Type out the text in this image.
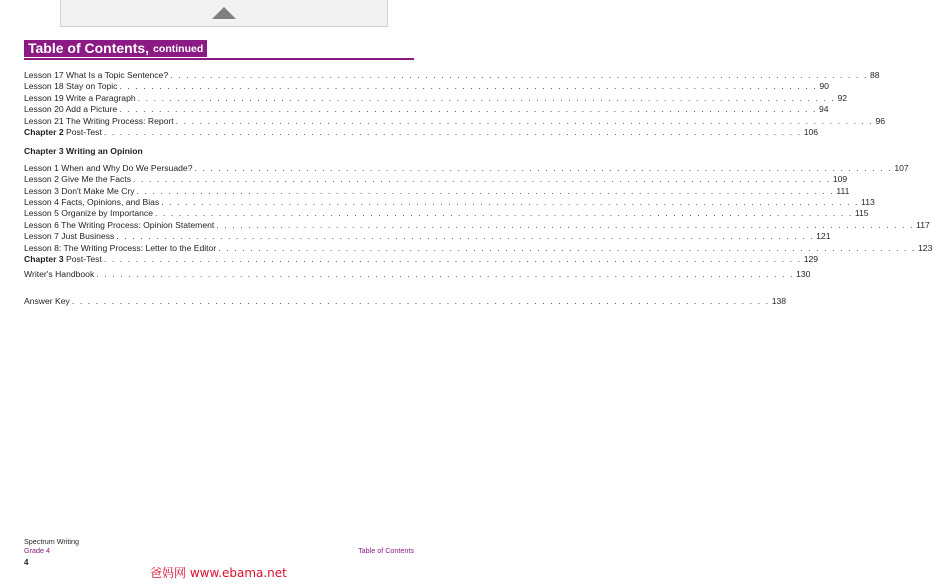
Table of Contents, continued
Lesson 17 What Is a Topic Sentence? . . . . . . . . . . . . . . . . . . . . . . . . . . . . . . . . . . . . . . . . . . . . . . . . . . . . . . . . . . . . . . . . . . . . . . . . . . . . . . . . . . . . . . . . 88
Lesson 18 Stay on Topic . . . . . . . . . . . . . . . . . . . . . . . . . . . . . . . . . . . . . . . . . . . . . . . . . . . . . . . . . . . . . . . . . . . . . . . . . . . . . . . . . . . . . . . . 90
Lesson 19 Write a Paragraph . . . . . . . . . . . . . . . . . . . . . . . . . . . . . . . . . . . . . . . . . . . . . . . . . . . . . . . . . . . . . . . . . . . . . . . . . . . . . . . . . . . . . . . . 92
Lesson 20 Add a Picture . . . . . . . . . . . . . . . . . . . . . . . . . . . . . . . . . . . . . . . . . . . . . . . . . . . . . . . . . . . . . . . . . . . . . . . . . . . . . . . . . . . . . . . . 94
Lesson 21 The Writing Process: Report . . . . . . . . . . . . . . . . . . . . . . . . . . . . . . . . . . . . . . . . . . . . . . . . . . . . . . . . . . . . . . . . . . . . . . . . . . . . . . . . . . . . . . . . 96
Chapter 2 Post-Test . . . . . . . . . . . . . . . . . . . . . . . . . . . . . . . . . . . . . . . . . . . . . . . . . . . . . . . . . . . . . . . . . . . . . . . . . . . . . . . . . . . . . . . . 106
Chapter 3 Writing an Opinion
Lesson 1 When and Why Do We Persuade? . . . . . . . . . . . . . . . . . . . . . . . . . . . . . . . . . . . . . . . . . . . . . . . . . . . . . . . . . . . . . . . . . . . . . . . . . . . . . . . . . . . . . . . . 107
Lesson 2 Give Me the Facts . . . . . . . . . . . . . . . . . . . . . . . . . . . . . . . . . . . . . . . . . . . . . . . . . . . . . . . . . . . . . . . . . . . . . . . . . . . . . . . . . . . . . . . . 109
Lesson 3 Don't Make Me Cry . . . . . . . . . . . . . . . . . . . . . . . . . . . . . . . . . . . . . . . . . . . . . . . . . . . . . . . . . . . . . . . . . . . . . . . . . . . . . . . . . . . . . . . . 111
Lesson 4 Facts, Opinions, and Bias . . . . . . . . . . . . . . . . . . . . . . . . . . . . . . . . . . . . . . . . . . . . . . . . . . . . . . . . . . . . . . . . . . . . . . . . . . . . . . . . . . . . . . . . 113
Lesson 5 Organize by Importance . . . . . . . . . . . . . . . . . . . . . . . . . . . . . . . . . . . . . . . . . . . . . . . . . . . . . . . . . . . . . . . . . . . . . . . . . . . . . . . . . . . . . . . . 115
Lesson 6 The Writing Process: Opinion Statement . . . . . . . . . . . . . . . . . . . . . . . . . . . . . . . . . . . . . . . . . . . . . . . . . . . . . . . . . . . . . . . . . . . . . . . . . . . . . . . . . . . . . . . . 117
Lesson 7 Just Business . . . . . . . . . . . . . . . . . . . . . . . . . . . . . . . . . . . . . . . . . . . . . . . . . . . . . . . . . . . . . . . . . . . . . . . . . . . . . . . . . . . . . . . . 121
Lesson 8: The Writing Process: Letter to the Editor . . . . . . . . . . . . . . . . . . . . . . . . . . . . . . . . . . . . . . . . . . . . . . . . . . . . . . . . . . . . . . . . . . . . . . . . . . . . . . . . . . . . . . . . 123
Chapter 3 Post-Test . . . . . . . . . . . . . . . . . . . . . . . . . . . . . . . . . . . . . . . . . . . . . . . . . . . . . . . . . . . . . . . . . . . . . . . . . . . . . . . . . . . . . . . . 129
Writer's Handbook . . . . . . . . . . . . . . . . . . . . . . . . . . . . . . . . . . . . . . . . . . . . . . . . . . . . . . . . . . . . . . . . . . . . . . . . . . . . . . . . . . . . . . . . 130
Answer Key . . . . . . . . . . . . . . . . . . . . . . . . . . . . . . . . . . . . . . . . . . . . . . . . . . . . . . . . . . . . . . . . . . . . . . . . . . . . . . . . . . . . . . . . 138
Spectrum Writing
Grade 4	Table of Contents
4
爸妈网 www.ebama.net
